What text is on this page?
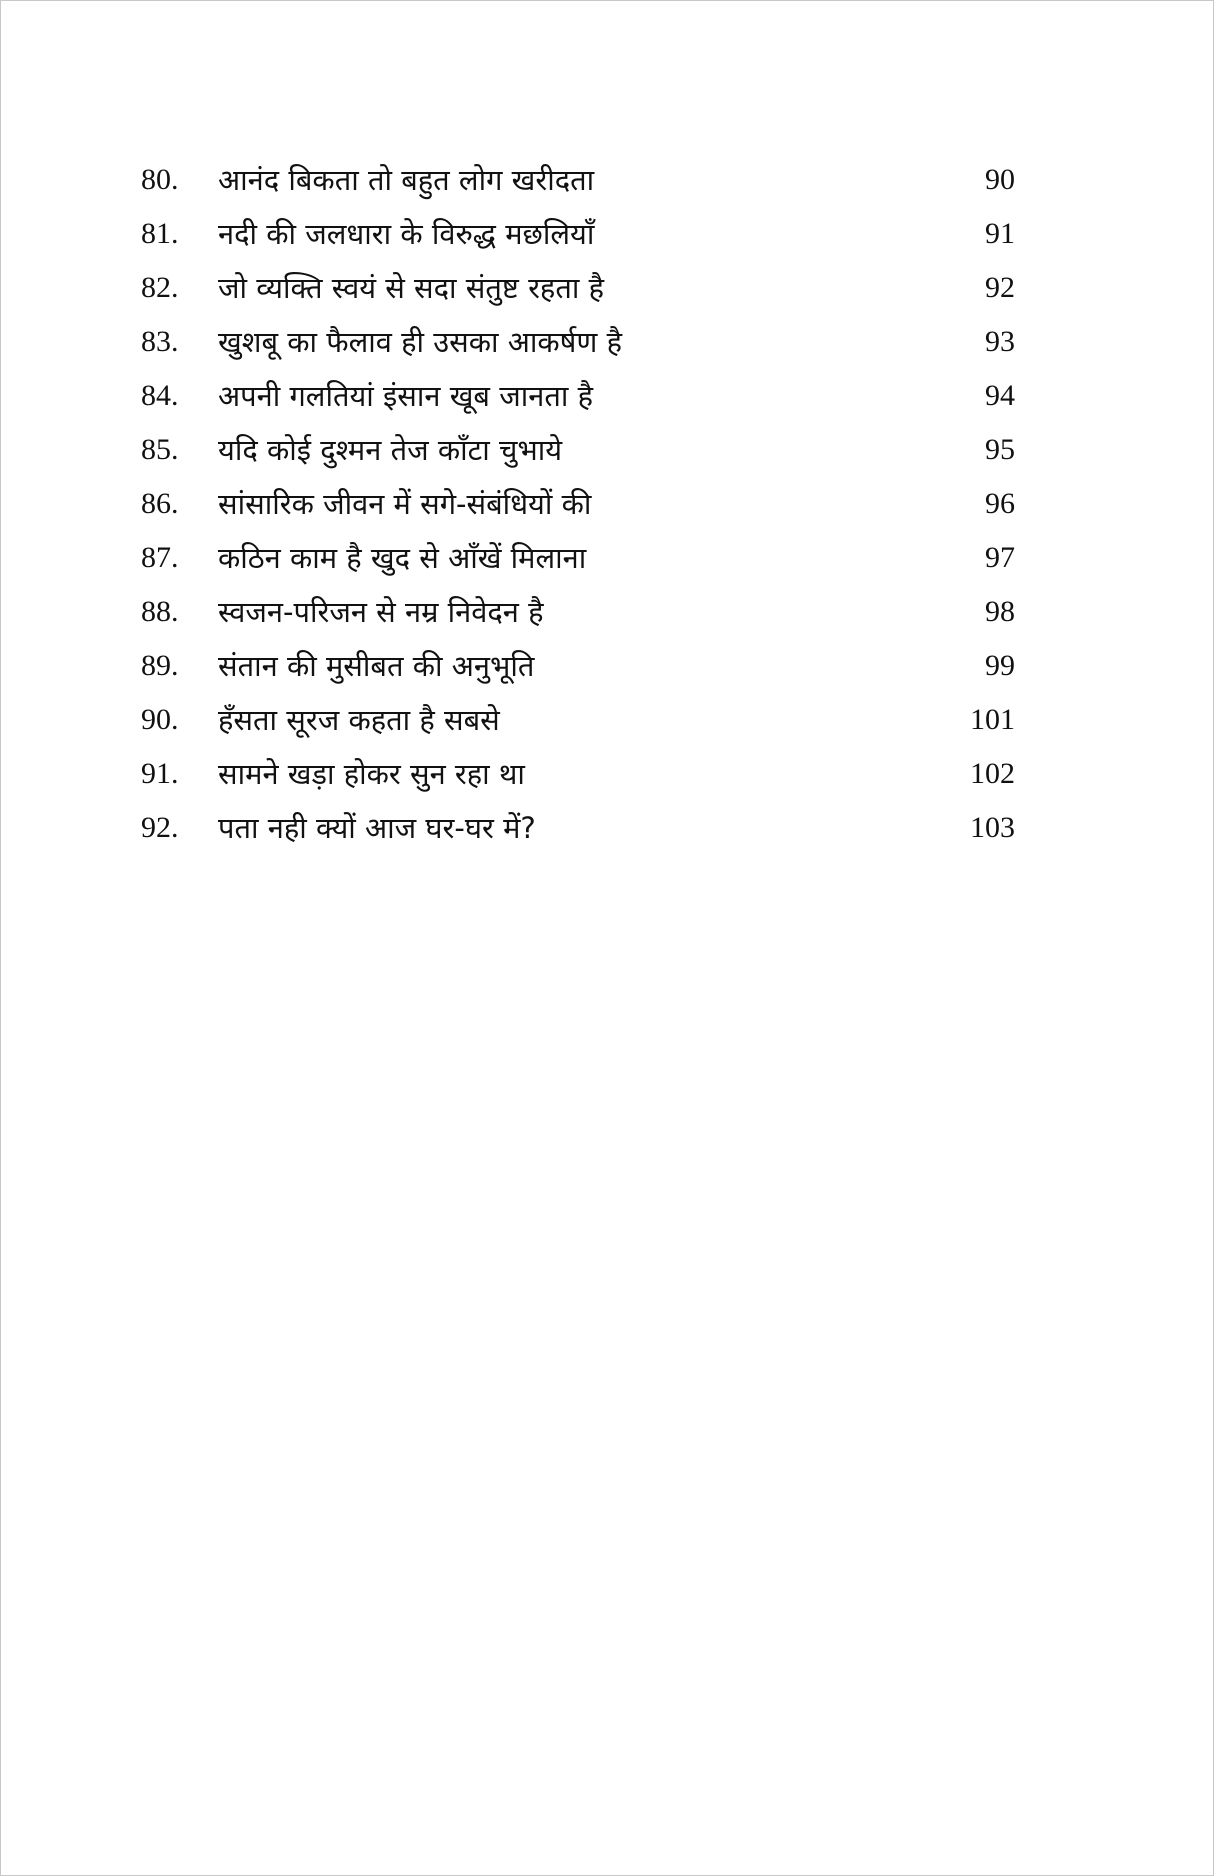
80.	आनंद बिकता तो बहुत लोग खरीदता	90
81.	नदी की जलधारा के विरुद्ध मछलियाँ	91
82.	जो व्यक्ति स्वयं से सदा संतुष्ट रहता है	92
83.	खुशबू का फैलाव ही उसका आकर्षण है	93
84.	अपनी गलतियां इंसान खूब जानता है	94
85.	यदि कोई दुश्मन तेज काँटा चुभाये	95
86.	सांसारिक जीवन में सगे-संबंधियों की	96
87.	कठिन काम है खुद से आँखें मिलाना	97
88.	स्वजन-परिजन से नम्र निवेदन है	98
89.	संतान की मुसीबत की अनुभूति	99
90.	हँसता सूरज कहता है सबसे	101
91.	सामने खड़ा होकर सुन रहा था	102
92.	पता नही क्यों आज घर-घर में?	103
